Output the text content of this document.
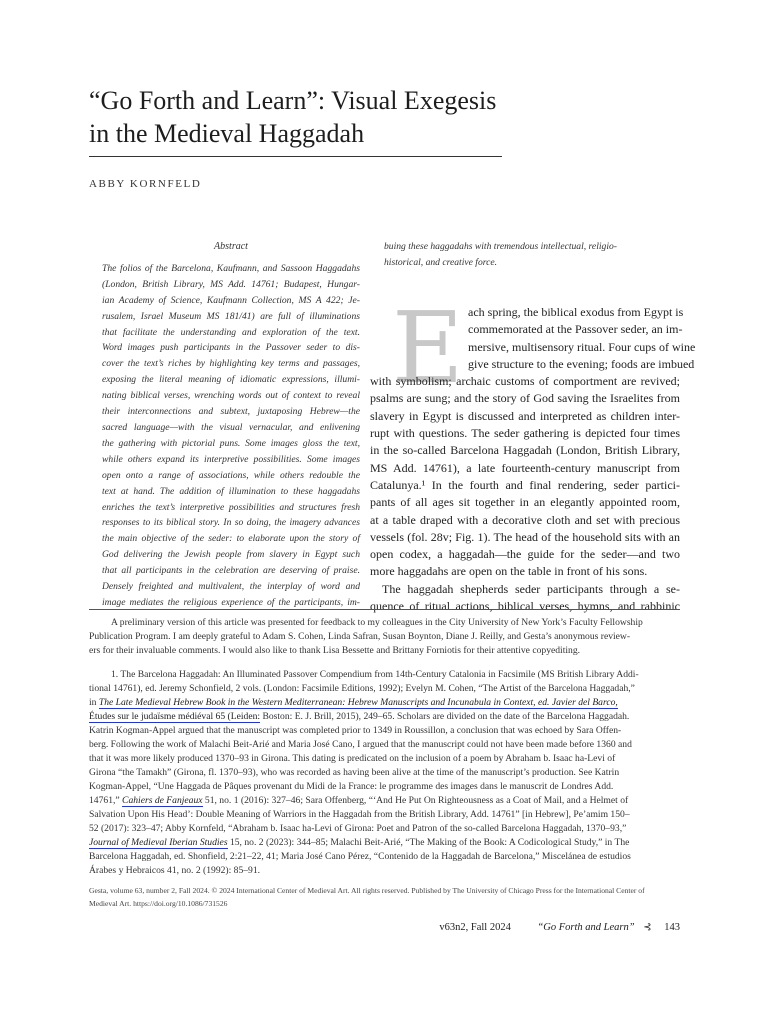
“Go Forth and Learn”: Visual Exegesis
in the Medieval Haggadah
ABBY KORNFELD
Abstract
The folios of the Barcelona, Kaufmann, and Sassoon Haggadahs
(London, British Library, MS Add. 14761; Budapest, Hungar-
ian Academy of Science, Kaufmann Collection, MS A 422; Je-
rusalem, Israel Museum MS 181/41) are full of illuminations
that facilitate the understanding and exploration of the text.
Word images push participants in the Passover seder to dis-
cover the text’s riches by highlighting key terms and passages,
exposing the literal meaning of idiomatic expressions, illumi-
nating biblical verses, wrenching words out of context to reveal
their interconnections and subtext, juxtaposing Hebrew—the
sacred language—with the visual vernacular, and enlivening
the gathering with pictorial puns. Some images gloss the text,
while others expand its interpretive possibilities. Some images
open onto a range of associations, while others redouble the
text at hand. The addition of illumination to these haggadahs
enriches the text’s interpretive possibilities and structures fresh
responses to its biblical story. In so doing, the imagery advances
the main objective of the seder: to elaborate upon the story of
God delivering the Jewish people from slavery in Egypt such
that all participants in the celebration are deserving of praise.
Densely freighted and multivalent, the interplay of word and
image mediates the religious experience of the participants, im-
buing these haggadahs with tremendous intellectual, religio-
historical, and creative force.
E ach spring, the biblical exodus from Egypt is
commemorated at the Passover seder, an im-
mersive, multisensory ritual. Four cups of wine
give structure to the evening; foods are imbued
with symbolism; archaic customs of comportment are revived;
psalms are sung; and the story of God saving the Israelites from
slavery in Egypt is discussed and interpreted as children inter-
rupt with questions. The seder gathering is depicted four times
in the so-called Barcelona Haggadah (London, British Library,
MS Add. 14761), a late fourteenth-century manuscript from
Catalunya.¹ In the fourth and final rendering, seder partici-
pants of all ages sit together in an elegantly appointed room,
at a table draped with a decorative cloth and set with precious
vessels (fol. 28v; Fig. 1). The head of the household sits with an
open codex, a haggadah—the guide for the seder—and two
more haggadahs are open on the table in front of his sons.
The haggadah shepherds seder participants through a se-
quence of ritual actions, biblical verses, hymns, and rabbinic
A preliminary version of this article was presented for feedback to my colleagues in the City University of New York’s Faculty Fellowship
Publication Program. I am deeply grateful to Adam S. Cohen, Linda Safran, Susan Boynton, Diane J. Reilly, and Gesta’s anonymous review-
ers for their invaluable comments. I would also like to thank Lisa Bessette and Brittany Forniotis for their attentive copyediting.
1. The Barcelona Haggadah: An Illuminated Passover Compendium from 14th-Century Catalonia in Facsimile (MS British Library Addi-
tional 14761), ed. Jeremy Schonfield, 2 vols. (London: Facsimile Editions, 1992); Evelyn M. Cohen, “The Artist of the Barcelona Haggadah,”
in The Late Medieval Hebrew Book in the Western Mediterranean: Hebrew Manuscripts and Incunabula in Context, ed. Javier del Barco,
Études sur le judaïsme médiéval 65 (Leiden: Boston: E. J. Brill, 2015), 249–65. Scholars are divided on the date of the Barcelona Haggadah.
Katrin Kogman-Appel argued that the manuscript was completed prior to 1349 in Roussillon, a conclusion that was echoed by Sara Offen-
berg. Following the work of Malachi Beit-Arié and Maria José Cano, I argued that the manuscript could not have been made before 1360 and
that it was more likely produced 1370–93 in Girona. This dating is predicated on the inclusion of a poem by Abraham b. Isaac ha-Levi of
Girona “the Tamakh” (Girona, fl. 1370–93), who was recorded as having been alive at the time of the manuscript’s production. See Katrin
Kogman-Appel, “Une Haggada de Pâques provenant du Midi de la France: le programme des images dans le manuscrit de Londres Add.
14761,” Cahiers de Fanjeaux 51, no. 1 (2016): 327–46; Sara Offenberg, “‘And He Put On Righteousness as a Coat of Mail, and a Helmet of
Salvation Upon His Head’: Double Meaning of Warriors in the Haggadah from the British Library, Add. 14761” [in Hebrew], Pe’amim 150–
52 (2017): 323–47; Abby Kornfeld, “Abraham b. Isaac ha-Levi of Girona: Poet and Patron of the so-called Barcelona Haggadah, 1370–93,”
Journal of Medieval Iberian Studies 15, no. 2 (2023): 344–85; Malachi Beit-Arié, “The Making of the Book: A Codicological Study,” in The
Barcelona Haggadah, ed. Shonfield, 2:21–22, 41; Maria José Cano Pérez, “Contenido de la Haggadah de Barcelona,” Miscelánea de estudios
Árabes y Hebraicos 41, no. 2 (1992): 85–91.
Gesta, volume 63, number 2, Fall 2024. © 2024 International Center of Medieval Art. All rights reserved. Published by The University of Chicago Press for the International Center of
Medieval Art. https://doi.org/10.1086/731526
v63n2, Fall 2024	“Go Forth and Learn” ⊰ 143
